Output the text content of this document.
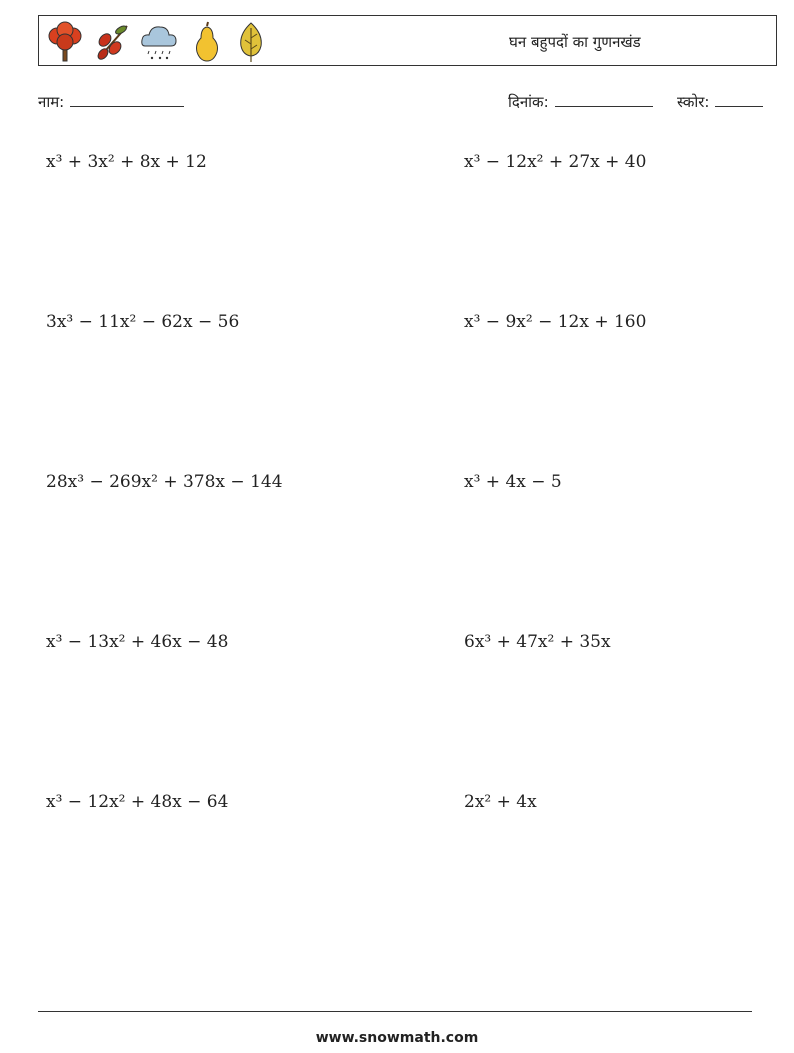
घन बहुपदों का गुणनखंड
नाम:	दिनांक:	स्कोर:
x³ + 3x² + 8x + 12	x³ − 12x² + 27x + 40
3x³ − 11x² − 62x − 56	x³ − 9x² − 12x + 160
28x³ − 269x² + 378x − 144	x³ + 4x − 5
x³ − 13x² + 46x − 48	6x³ + 47x² + 35x
x³ − 12x² + 48x − 64	2x² + 4x
www.snowmath.com
